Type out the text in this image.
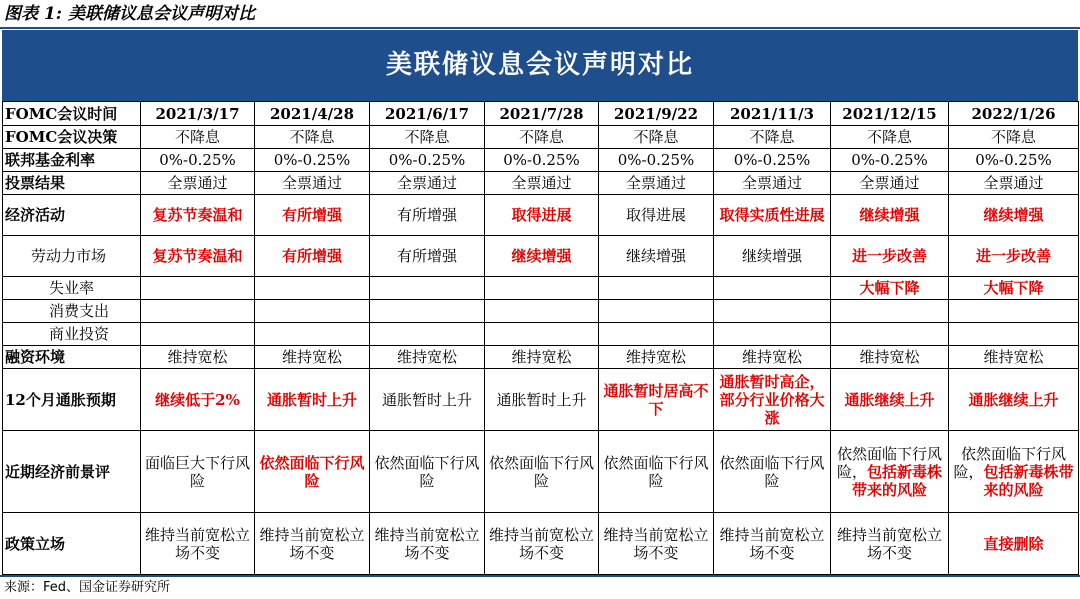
图表 1: 美联储议息会议声明对比
美联储议息会议声明对比
FOMC会议时间	2021/3/17	2021/4/28	2021/6/17	2021/7/28	2021/9/22	2021/11/3	2021/12/15	2022/1/26
FOMC会议决策	不降息	不降息	不降息	不降息	不降息	不降息	不降息	不降息
联邦基金利率	0%-0.25%	0%-0.25%	0%-0.25%	0%-0.25%	0%-0.25%	0%-0.25%	0%-0.25%	0%-0.25%
投票结果	全票通过	全票通过	全票通过	全票通过	全票通过	全票通过	全票通过	全票通过
经济活动	复苏节奏温和	有所增强	有所增强	取得进展	取得进展	取得实质性进展	继续增强	继续增强
劳动力市场	复苏节奏温和	有所增强	有所增强	继续增强	继续增强	继续增强	进一步改善	进一步改善
失业率							大幅下降	大幅下降
消费支出								
商业投资								
融资环境	维持宽松	维持宽松	维持宽松	维持宽松	维持宽松	维持宽松	维持宽松	维持宽松
12个月通胀预期	继续低于2%	通胀暂时上升	通胀暂时上升	通胀暂时上升	通胀暂时居高不下	通胀暂时高企，部分行业价格大涨	通胀继续上升	通胀继续上升
近期经济前景评	面临巨大下行风险	依然面临下行风险	依然面临下行风险	依然面临下行风险	依然面临下行风险	依然面临下行风险	依然面临下行风险，包括新毒株带来的风险	依然面临下行风险，包括新毒株带来的风险
政策立场	维持当前宽松立场不变	维持当前宽松立场不变	维持当前宽松立场不变	维持当前宽松立场不变	维持当前宽松立场不变	维持当前宽松立场不变	维持当前宽松立场不变	直接删除
来源：Fed、国金证券研究所
